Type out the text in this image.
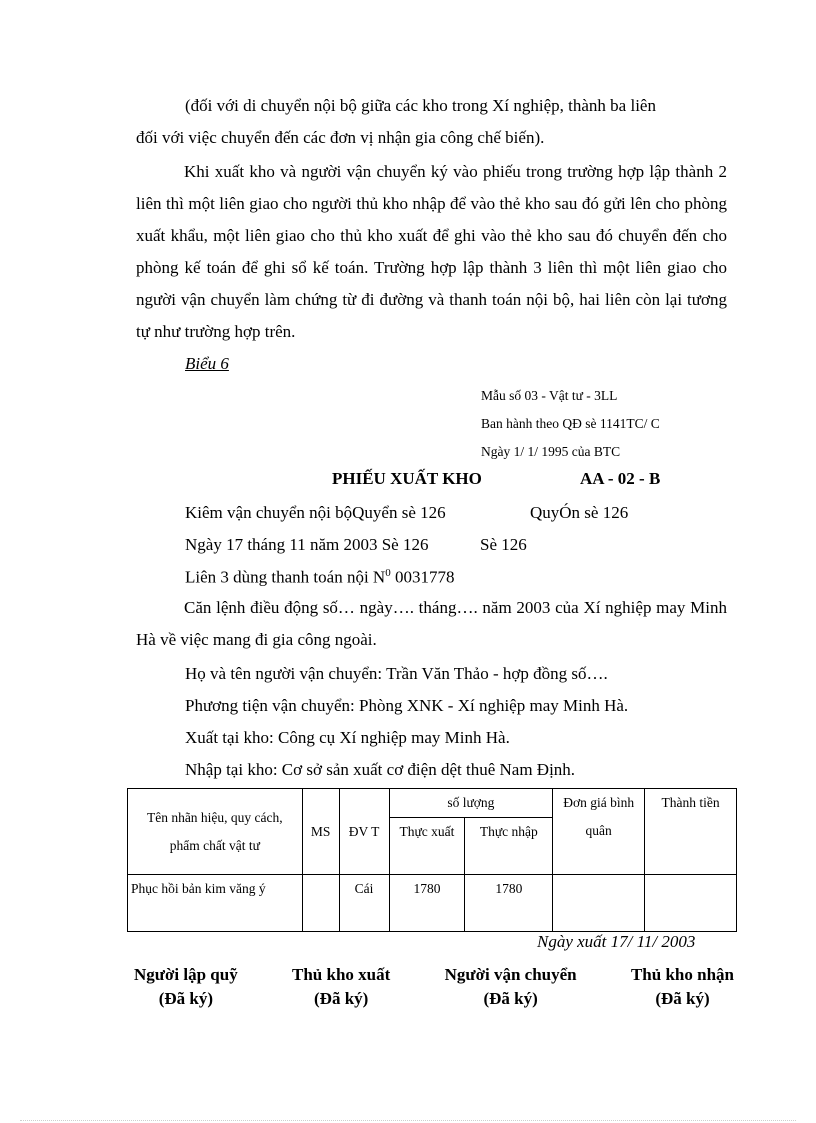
(đối với di chuyển nội bộ giữa các kho trong Xí nghiệp, thành ba liên
đối với việc chuyển đến các đơn vị nhận gia công chế biến).

Khi xuất kho và người vận chuyển ký vào phiếu trong trường hợp lập thành 2 liên thì một liên giao cho người thủ kho nhập để vào thẻ kho sau đó gửi lên cho phòng xuất khẩu, một liên giao cho thủ kho xuất để ghi vào thẻ kho sau đó chuyển đến cho phòng kế toán để ghi sổ kế toán. Trường hợp lập thành 3 liên thì một liên giao cho người vận chuyển làm chứng từ đi đường và thanh toán nội bộ, hai liên còn lại tương tự như trường hợp trên.

Biểu 6
Mẫu số 03 - Vật tư - 3LL
Ban hành theo QĐ sè 1141TC/ C
Ngày 1/ 1/ 1995 của BTC
PHIẾU XUẤT KHO	AA - 02 - B
Kiêm vận chuyển nội bộQuyển sè 126	QuyÓn sè 126
Ngày 17 tháng 11 năm 2003 Sè 126	Sè 126
Liên 3 dùng thanh toán nội $N^0$ 0031778

Căn lệnh điều động số… ngày…. tháng…. năm 2003 của Xí nghiệp may Minh Hà về việc mang đi gia công ngoài.

Họ và tên người vận chuyển: Trần Văn Thảo - hợp đồng số….
Phương tiện vận chuyển: Phòng XNK - Xí nghiệp may Minh Hà.
Xuất tại kho: Công cụ Xí nghiệp may Minh Hà.
Nhập tại kho: Cơ sở sản xuất cơ điện dệt thuê Nam Định.
Tên nhãn hiệu, quy cách, phẩm chất vật tư	MS	ĐV T	số lượng		Đơn giá bình quân	Thành tiền
			Thực xuất	Thực nhập		
Phục hồi bản kim văng ý		Cái	1780	1780		
Ngày xuất 17/ 11/ 2003
Người lập quỹ
(Đã ký)
Thủ kho xuất
(Đã ký)
Người vận chuyển
(Đã ký)
Thủ kho nhận
(Đã ký)
